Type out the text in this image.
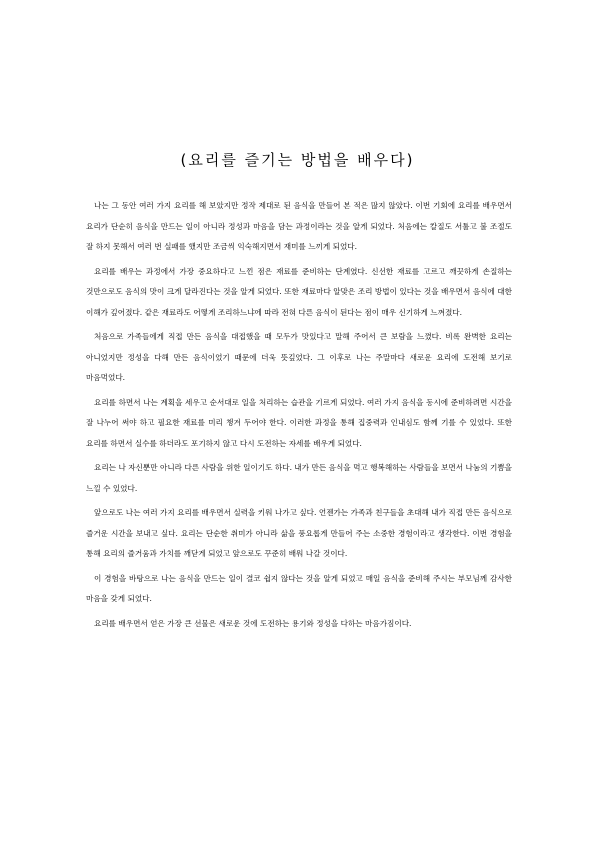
(요리를 즐기는 방법을 배우다)

나는 그 동안 여러 가지 요리를 해 보았지만 정작 제대로 된 음식을 만들어 본 적은 많지 않았다. 이번 기회에 요리를 배우면서 요리가 단순히 음식을 만드는 일이 아니라 정성과 마음을 담는 과정이라는 것을 알게 되었다. 처음에는 칼질도 서툴고 불 조절도 잘 하지 못해서 여러 번 실패를 했지만 조금씩 익숙해지면서 재미를 느끼게 되었다.

요리를 배우는 과정에서 가장 중요하다고 느낀 점은 재료를 준비하는 단계였다. 신선한 재료를 고르고 깨끗하게 손질하는 것만으로도 음식의 맛이 크게 달라진다는 것을 알게 되었다. 또한 재료마다 알맞은 조리 방법이 있다는 것을 배우면서 음식에 대한 이해가 깊어졌다. 같은 재료라도 어떻게 조리하느냐에 따라 전혀 다른 음식이 된다는 점이 매우 신기하게 느껴졌다.

처음으로 가족들에게 직접 만든 음식을 대접했을 때 모두가 맛있다고 말해 주어서 큰 보람을 느꼈다. 비록 완벽한 요리는 아니었지만 정성을 다해 만든 음식이었기 때문에 더욱 뜻깊었다. 그 이후로 나는 주말마다 새로운 요리에 도전해 보기로 마음먹었다.

요리를 하면서 나는 계획을 세우고 순서대로 일을 처리하는 습관을 기르게 되었다. 여러 가지 음식을 동시에 준비하려면 시간을 잘 나누어 써야 하고 필요한 재료를 미리 챙겨 두어야 한다. 이러한 과정을 통해 집중력과 인내심도 함께 기를 수 있었다. 또한 요리를 하면서 실수를 하더라도 포기하지 않고 다시 도전하는 자세를 배우게 되었다.

요리는 나 자신뿐만 아니라 다른 사람을 위한 일이기도 하다. 내가 만든 음식을 먹고 행복해하는 사람들을 보면서 나눔의 기쁨을 느낄 수 있었다.

앞으로도 나는 여러 가지 요리를 배우면서 실력을 키워 나가고 싶다. 언젠가는 가족과 친구들을 초대해 내가 직접 만든 음식으로 즐거운 시간을 보내고 싶다. 요리는 단순한 취미가 아니라 삶을 풍요롭게 만들어 주는 소중한 경험이라고 생각한다. 이번 경험을 통해 요리의 즐거움과 가치를 깨닫게 되었고 앞으로도 꾸준히 배워 나갈 것이다.

이 경험을 바탕으로 나는 음식을 만드는 일이 결코 쉽지 않다는 것을 알게 되었고 매일 음식을 준비해 주시는 부모님께 감사한 마음을 갖게 되었다.

요리를 배우면서 얻은 가장 큰 선물은 새로운 것에 도전하는 용기와 정성을 다하는 마음가짐이다.
